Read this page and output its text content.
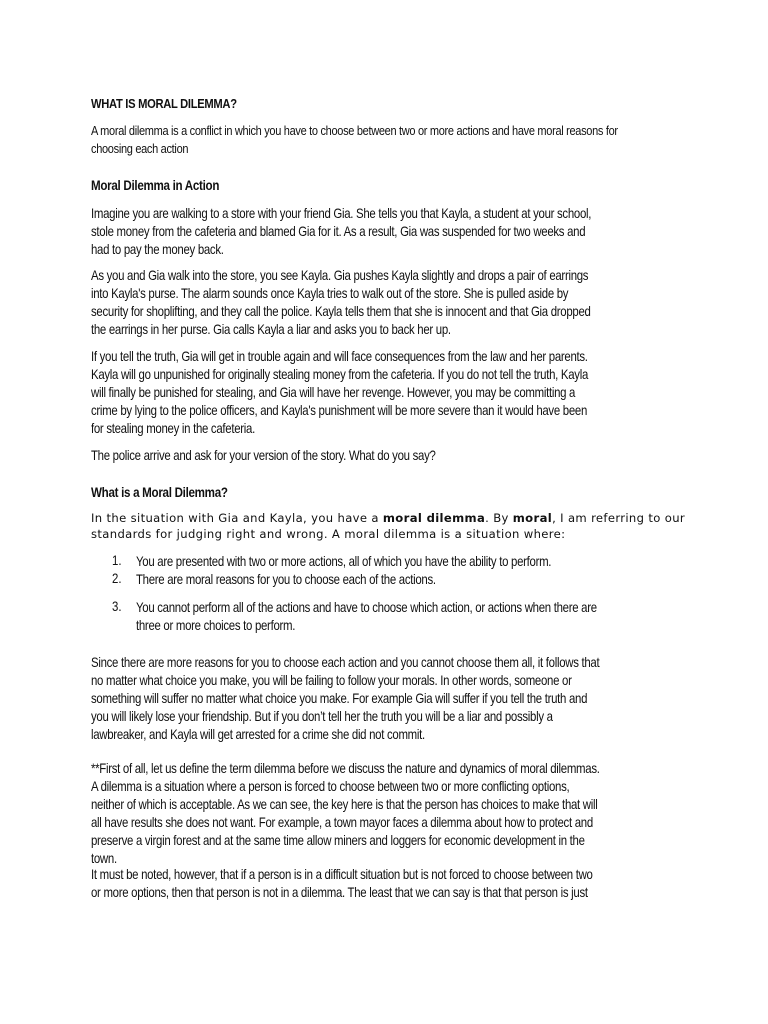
WHAT IS MORAL DILEMMA?
A moral dilemma is a conflict in which you have to choose between two or more actions and have moral reasons for
choosing each action
Moral Dilemma in Action
Imagine you are walking to a store with your friend Gia. She tells you that Kayla, a student at your school,
stole money from the cafeteria and blamed Gia for it. As a result, Gia was suspended for two weeks and
had to pay the money back.
As you and Gia walk into the store, you see Kayla. Gia pushes Kayla slightly and drops a pair of earrings
into Kayla's purse. The alarm sounds once Kayla tries to walk out of the store. She is pulled aside by
security for shoplifting, and they call the police. Kayla tells them that she is innocent and that Gia dropped
the earrings in her purse. Gia calls Kayla a liar and asks you to back her up.
If you tell the truth, Gia will get in trouble again and will face consequences from the law and her parents.
Kayla will go unpunished for originally stealing money from the cafeteria. If you do not tell the truth, Kayla
will finally be punished for stealing, and Gia will have her revenge. However, you may be committing a
crime by lying to the police officers, and Kayla's punishment will be more severe than it would have been
for stealing money in the cafeteria.
The police arrive and ask for your version of the story. What do you say?
What is a Moral Dilemma?
In the situation with Gia and Kayla, you have a moral dilemma. By moral, I am referring to our
standards for judging right and wrong. A moral dilemma is a situation where:
1. You are presented with two or more actions, all of which you have the ability to perform.
2. There are moral reasons for you to choose each of the actions.
3. You cannot perform all of the actions and have to choose which action, or actions when there are
three or more choices to perform.
Since there are more reasons for you to choose each action and you cannot choose them all, it follows that
no matter what choice you make, you will be failing to follow your morals. In other words, someone or
something will suffer no matter what choice you make. For example Gia will suffer if you tell the truth and
you will likely lose your friendship. But if you don’t tell her the truth you will be a liar and possibly a
lawbreaker, and Kayla will get arrested for a crime she did not commit.
**First of all, let us define the term dilemma before we discuss the nature and dynamics of moral dilemmas.
A dilemma is a situation where a person is forced to choose between two or more conflicting options,
neither of which is acceptable. As we can see, the key here is that the person has choices to make that will
all have results she does not want. For example, a town mayor faces a dilemma about how to protect and
preserve a virgin forest and at the same time allow miners and loggers for economic development in the
town.
It must be noted, however, that if a person is in a difficult situation but is not forced to choose between two
or more options, then that person is not in a dilemma. The least that we can say is that that person is just
